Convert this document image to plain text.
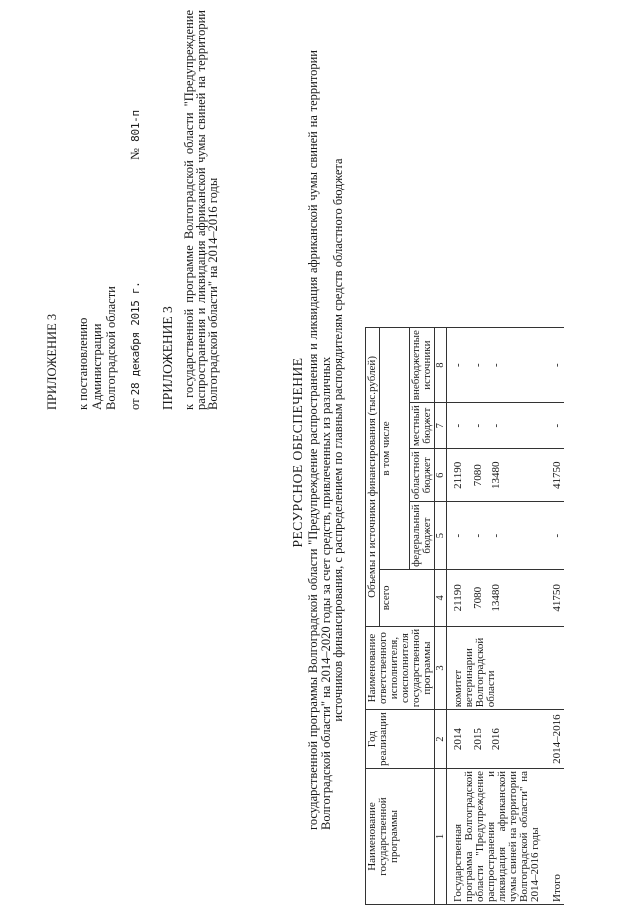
ПРИЛОЖЕНИЕ 3 к постановлению Администрации Волгоградской области от 28 декабря 2015 г.
№  801-п
ПРИЛОЖЕНИЕ 3 к государственной программе Волгоградской области "Предупреждение распространения и ликвидация африканской чумы свиней на территории Волгоградской области" на 2014–2016 годы
РЕСУРСНОЕ ОБЕСПЕЧЕНИЕ государственной программы Волгоградской области "Предупреждение распространения и ликвидация африканской чумы свиней на территории Волгоградской области" на 2014–2020 годы за счет средств, привлеченных из различных
источников финансирования, с распределением по главным распорядителям средств областного бюджета
Наименование государственной программы	Год реализации	Наименование ответственного исполнителя, соисполнителя государственной программы	Объемы и источники финансирования (тыс.рублей)				
			всего	в том числе			
				федеральный бюджет	областной бюджет	местный бюджет	внебюджетные источники
1	2	3	4	5	6	7	8
Государственная программа Волгоградской области "Предупреждение распространения и ликвидация африканской чумы свиней на территории Волгоградской области" на 2014–2016 годы	2014	комитет ветеринарии Волгоградской области	21190	-	21190	-	-
	2015		7080	-	7080	-	-
	2016		13480	-	13480	-	-
Итого	2014–2016		41750	-	41750	-	-
